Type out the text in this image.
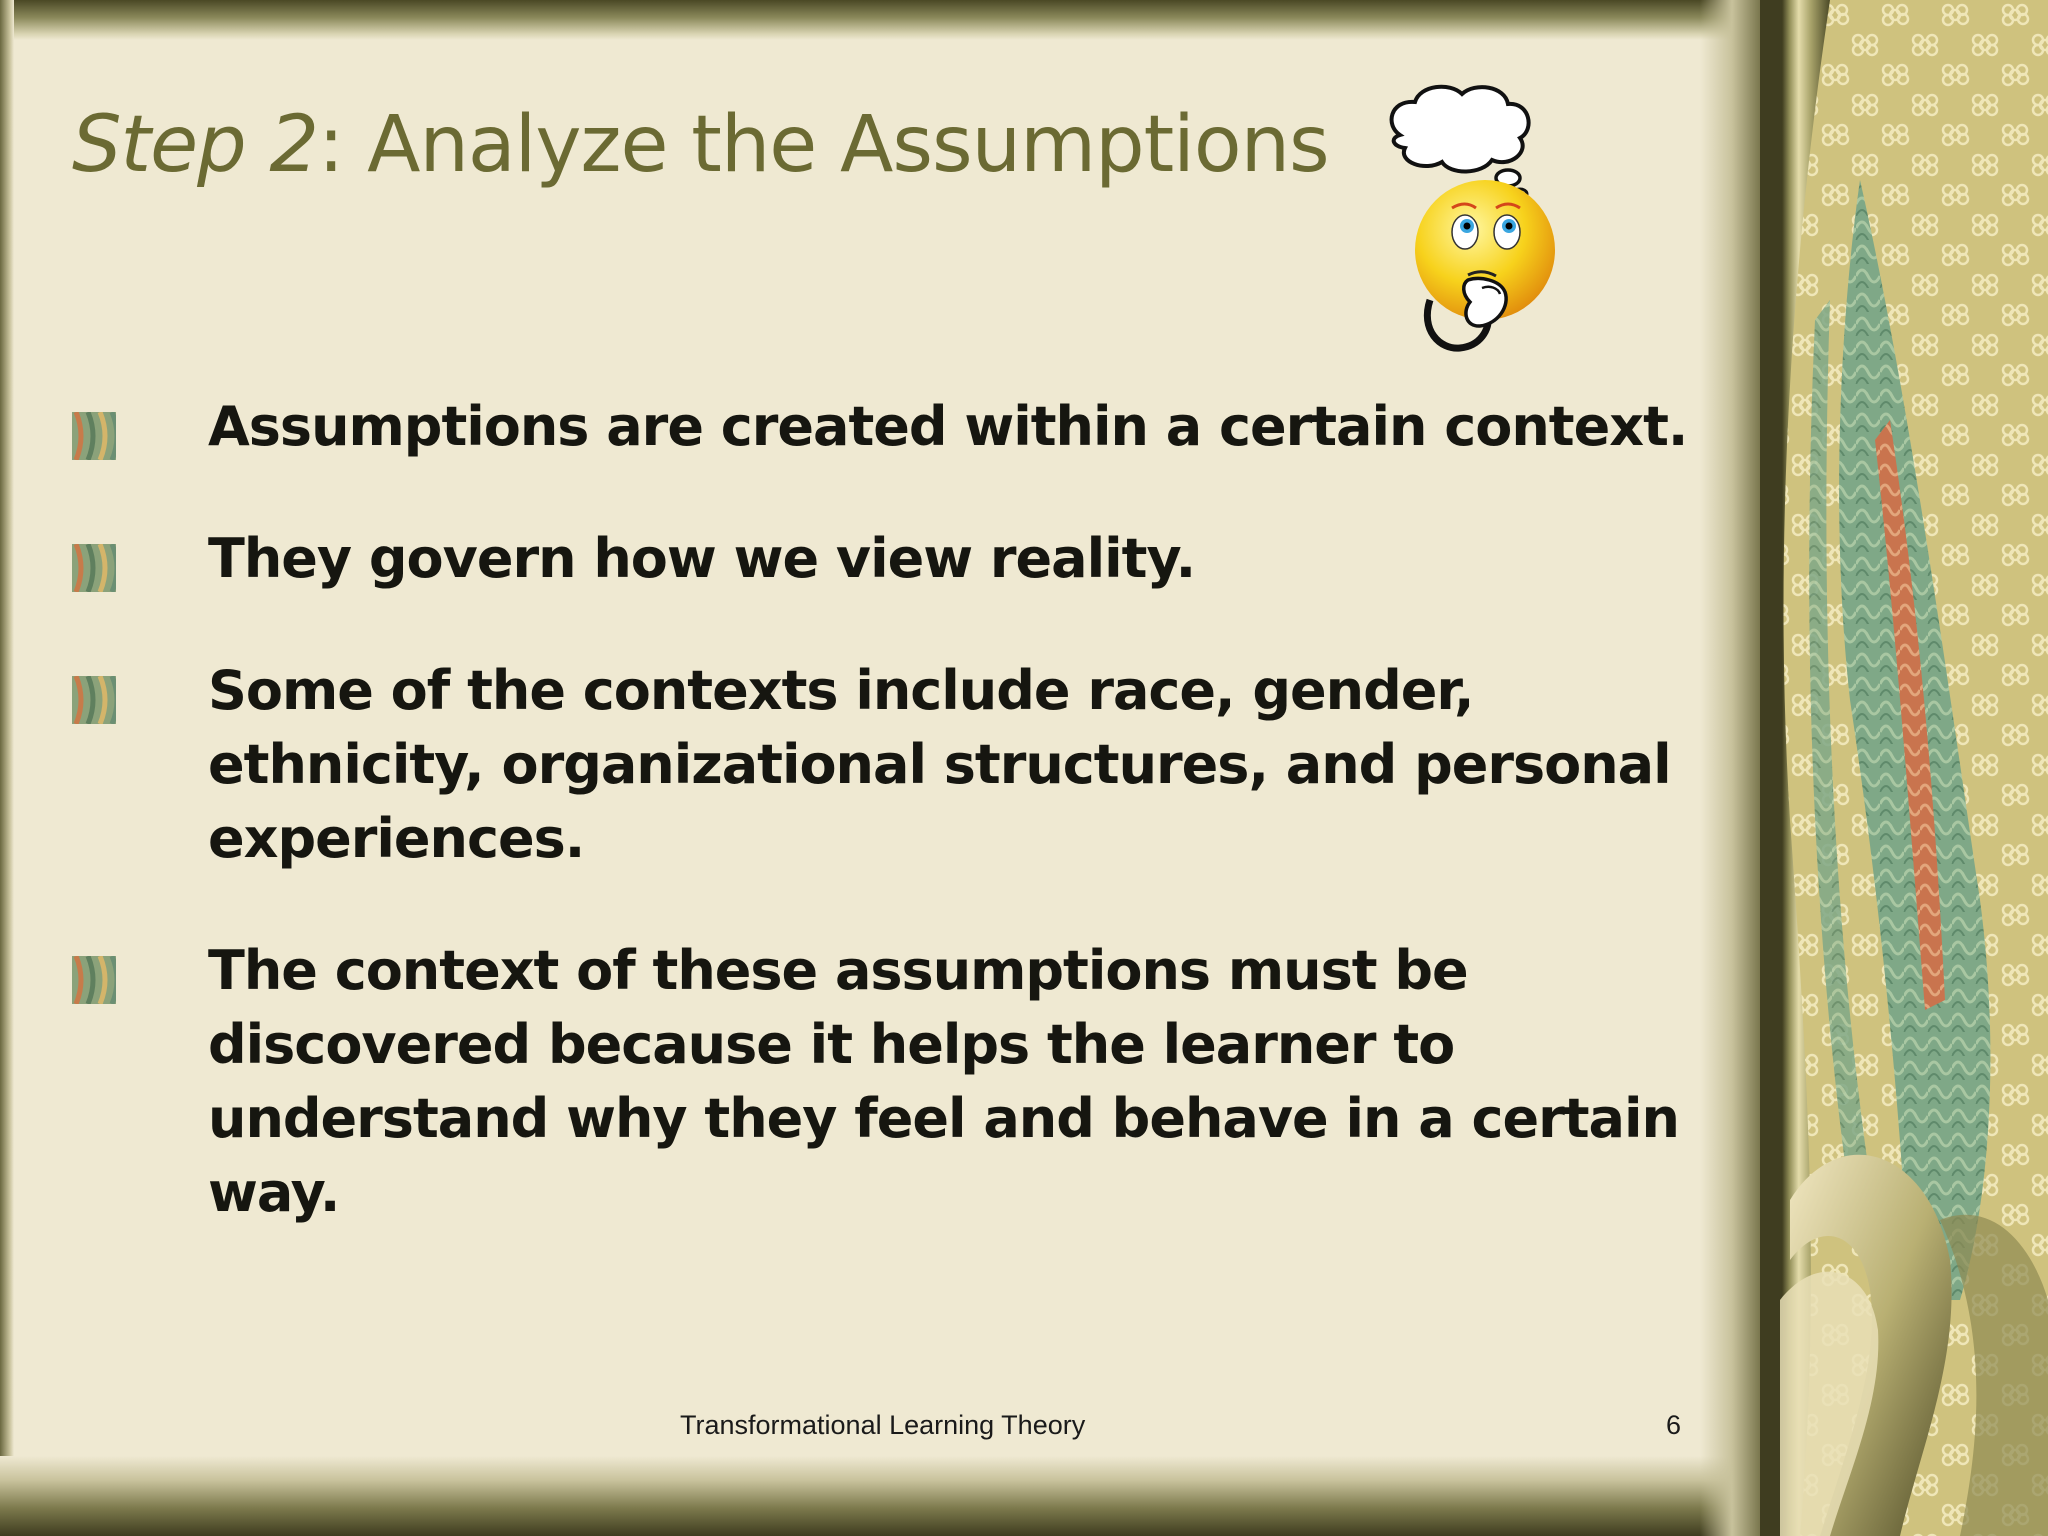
Step 2: Analyze the Assumptions
Assumptions are created within a certain context.
They govern how we view reality.
Some of the contexts include race, gender, ethnicity, organizational structures, and personal experiences.
The context of these assumptions must be discovered because it helps the learner to understand why they feel and behave in a certain way.
Transformational Learning Theory	6
